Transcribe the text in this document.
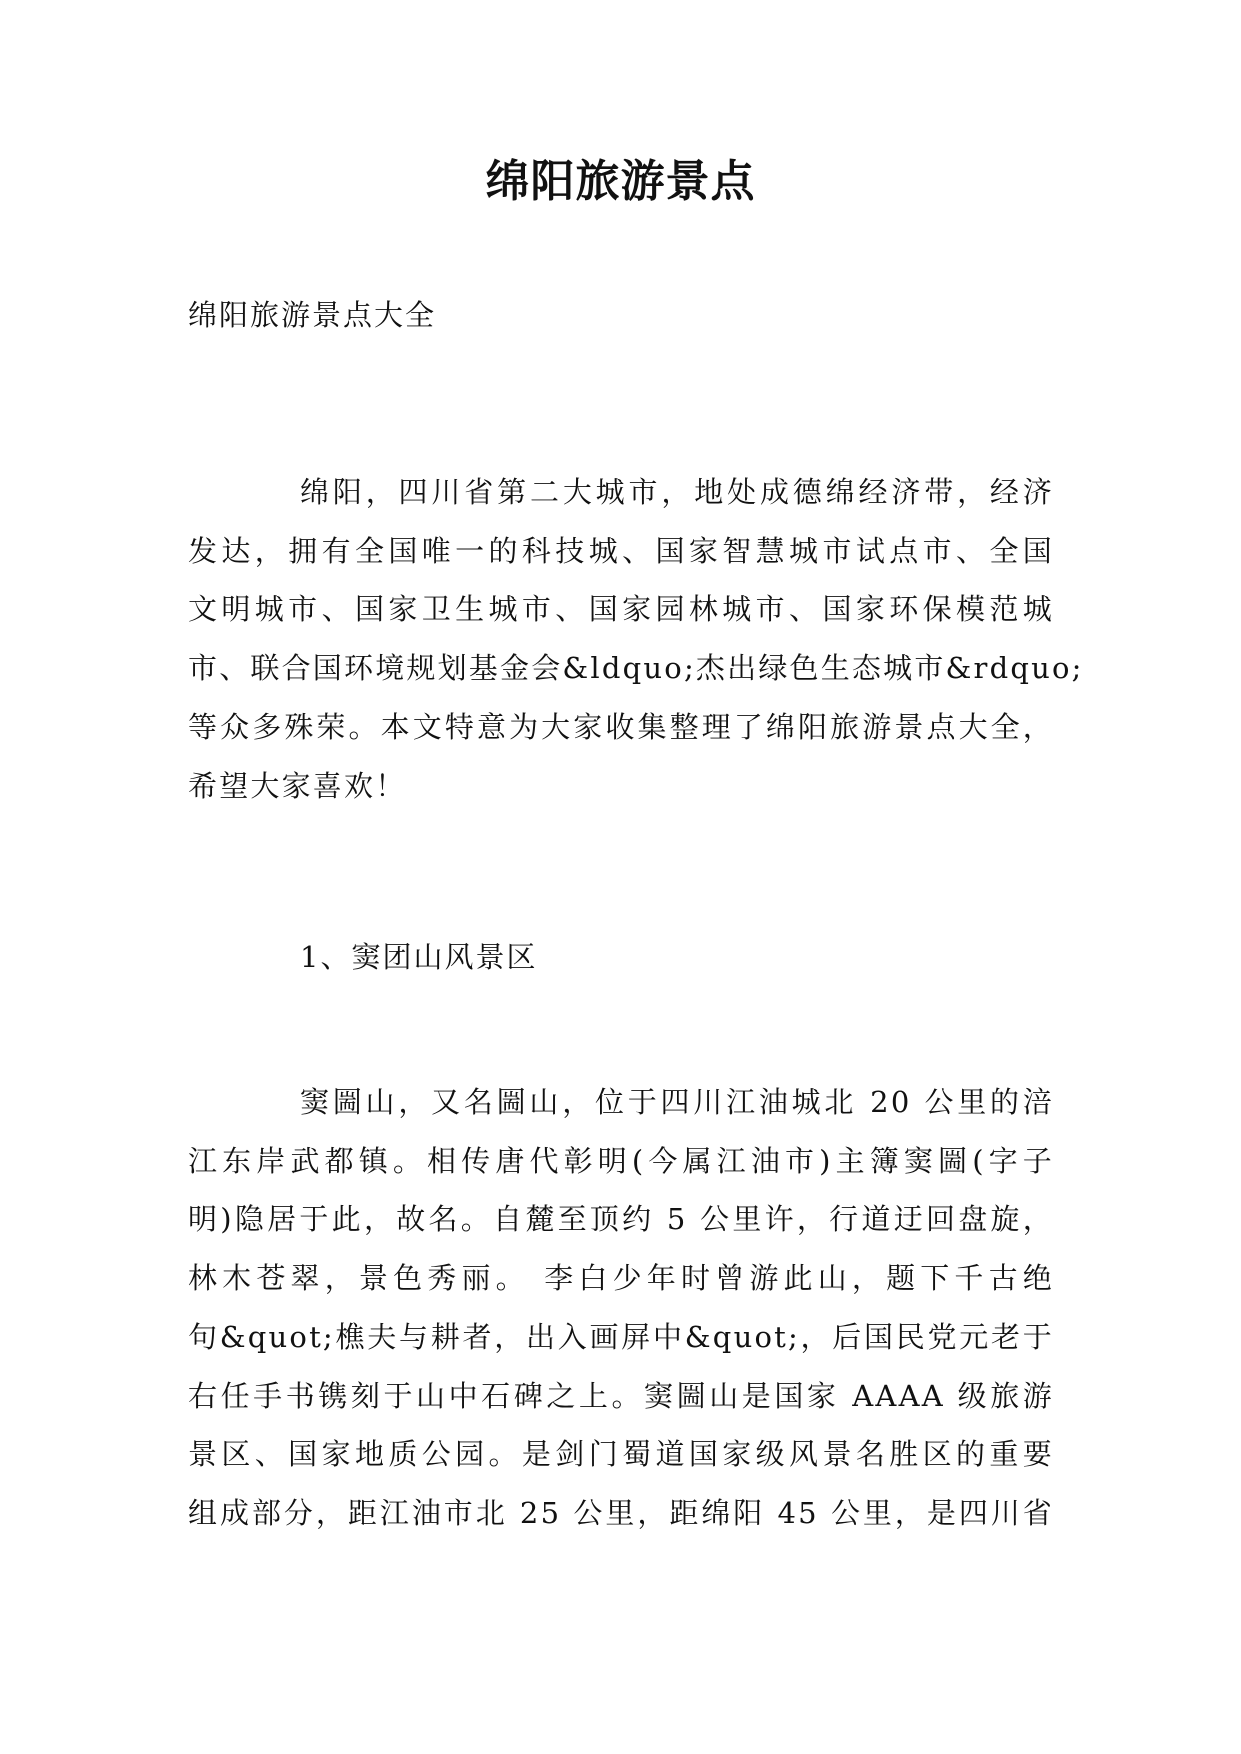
绵阳旅游景点

绵阳旅游景点大全

绵阳，四川省第二大城市，地处成德绵经济带，经济
发达，拥有全国唯一的科技城、国家智慧城市试点市、全国
文明城市、国家卫生城市、国家园林城市、国家环保模范城
市、联合国环境规划基金会&ldquo;杰出绿色生态城市&rdquo;
等众多殊荣。本文特意为大家收集整理了绵阳旅游景点大全，
希望大家喜欢！

1、窦团山风景区

窦圌山，又名圌山，位于四川江油城北 20 公里的涪
江东岸武都镇。相传唐代彰明(今属江油市)主簿窦圌(字子
明)隐居于此，故名。自麓至顶约 5 公里许，行道迂回盘旋，
林木苍翠，景色秀丽。 李白少年时曾游此山，题下千古绝
句&quot;樵夫与耕者，出入画屏中&quot;，后国民党元老于
右任手书镌刻于山中石碑之上。窦圌山是国家 AAAA 级旅游
景区、国家地质公园。是剑门蜀道国家级风景名胜区的重要
组成部分，距江油市北 25 公里，距绵阳 45 公里，是四川省
